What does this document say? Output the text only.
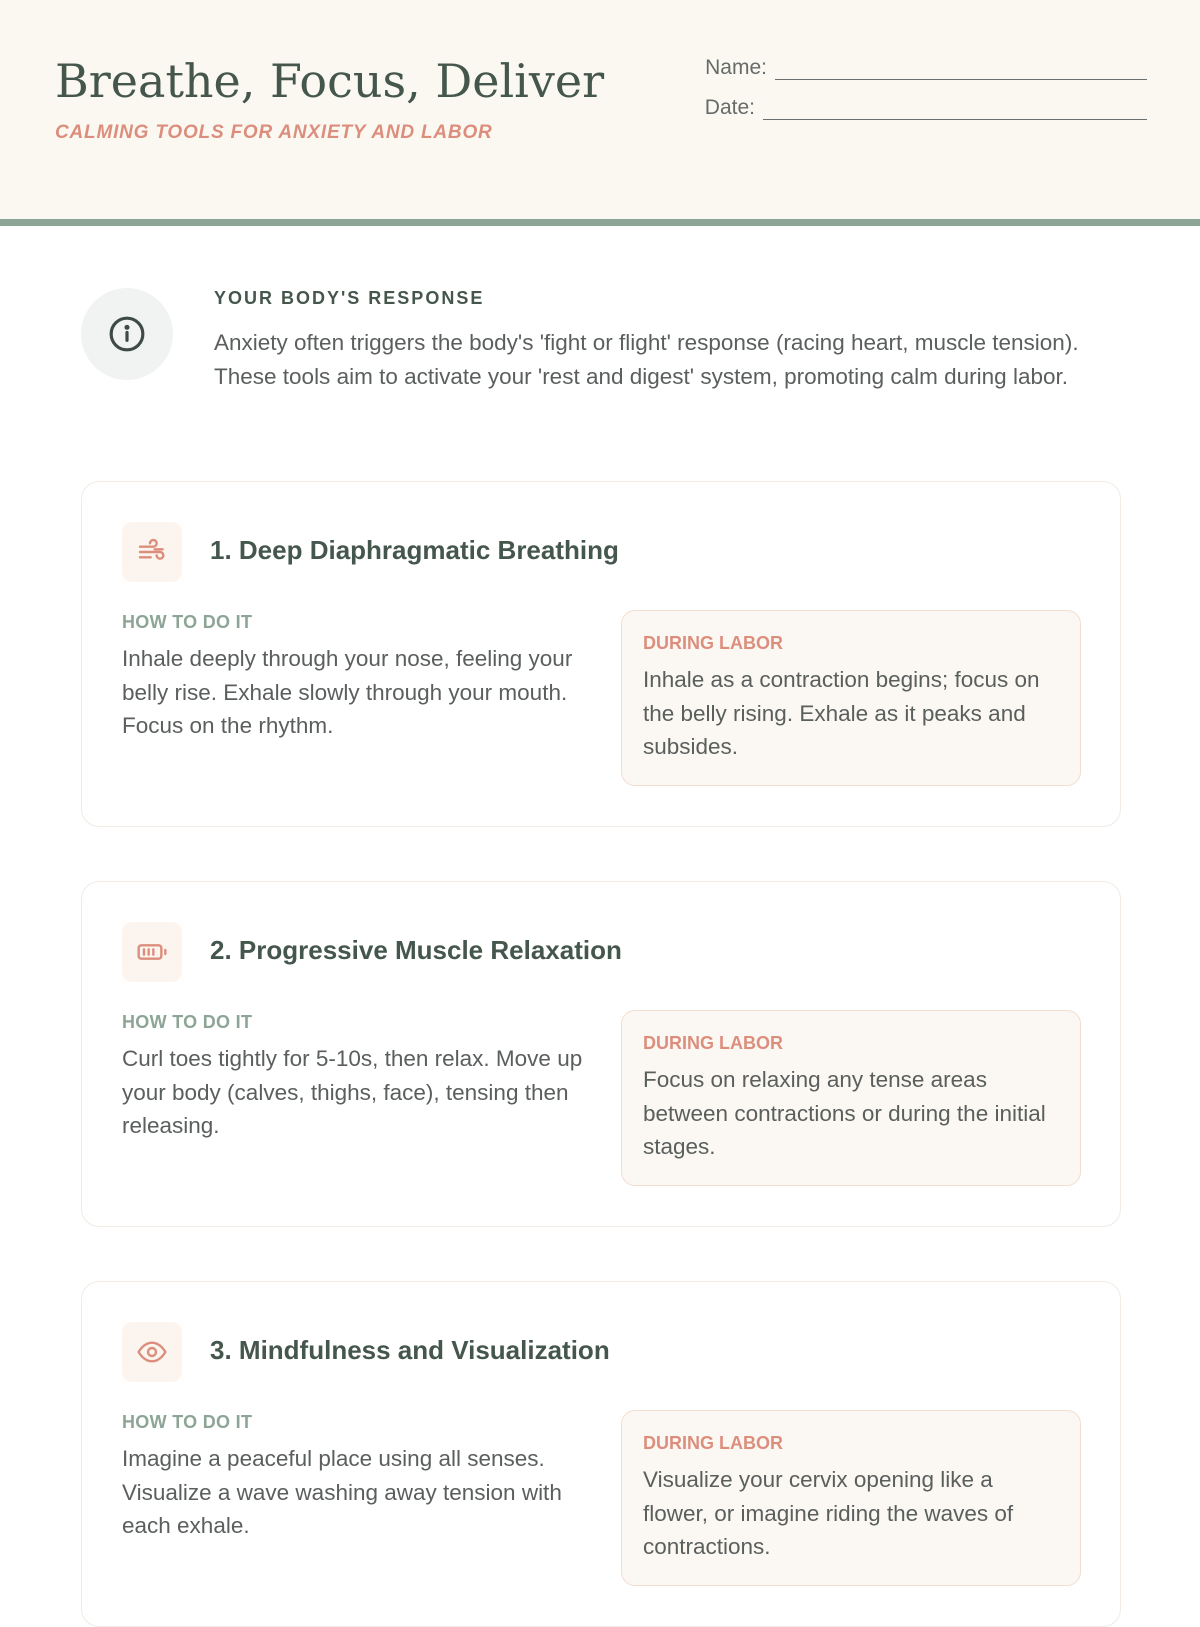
Breathe, Focus, Deliver
CALMING TOOLS FOR ANXIETY AND LABOR
Name:
Date:
YOUR BODY'S RESPONSE

Anxiety often triggers the body's 'fight or flight' response (racing heart, muscle tension). These tools aim to activate your 'rest and digest' system, promoting calm during labor.

1. Deep Diaphragmatic Breathing
HOW TO DO IT

Inhale deeply through your nose, feeling your belly rise. Exhale slowly through your mouth. Focus on the rhythm.

DURING LABOR

Inhale as a contraction begins; focus on the belly rising. Exhale as it peaks and subsides.

2. Progressive Muscle Relaxation
HOW TO DO IT

Curl toes tightly for 5-10s, then relax. Move up your body (calves, thighs, face), tensing then releasing.

DURING LABOR

Focus on relaxing any tense areas between contractions or during the initial stages.

3. Mindfulness and Visualization
HOW TO DO IT

Imagine a peaceful place using all senses. Visualize a wave washing away tension with each exhale.

DURING LABOR

Visualize your cervix opening like a flower, or imagine riding the waves of contractions.
